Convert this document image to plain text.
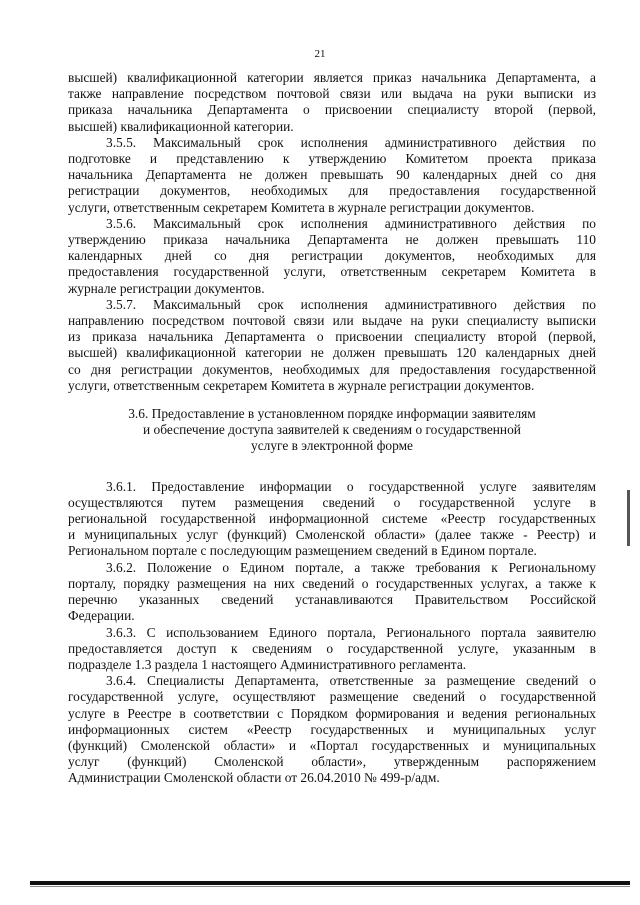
21
высшей) квалификационной категории является приказ начальника Департамента, а
также направление посредством почтовой связи или выдача на руки выписки из
приказа начальника Департамента о присвоении специалисту второй (первой,
высшей) квалификационной категории.
3.5.5. Максимальный срок исполнения административного действия по
подготовке и представлению к утверждению Комитетом проекта приказа
начальника Департамента не должен превышать 90 календарных дней со дня
регистрации документов, необходимых для предоставления государственной
услуги, ответственным секретарем Комитета в журнале регистрации документов.
3.5.6. Максимальный срок исполнения административного действия по
утверждению приказа начальника Департамента не должен превышать 110
календарных дней со дня регистрации документов, необходимых для
предоставления государственной услуги, ответственным секретарем Комитета в
журнале регистрации документов.
3.5.7. Максимальный срок исполнения административного действия по
направлению посредством почтовой связи или выдаче на руки специалисту выписки
из приказа начальника Департамента о присвоении специалисту второй (первой,
высшей) квалификационной категории не должен превышать 120 календарных дней
со дня регистрации документов, необходимых для предоставления государственной
услуги, ответственным секретарем Комитета в журнале регистрации документов.
3.6. Предоставление в установленном порядке информации заявителям
и обеспечение доступа заявителей к сведениям о государственной
услуге в электронной форме
3.6.1. Предоставление информации о государственной услуге заявителям
осуществляются путем размещения сведений о государственной услуге в
региональной государственной информационной системе «Реестр государственных
и муниципальных услуг (функций) Смоленской области» (далее также - Реестр) и
Региональном портале с последующим размещением сведений в Едином портале.
3.6.2. Положение о Едином портале, а также требования к Региональному
порталу, порядку размещения на них сведений о государственных услугах, а также к
перечню указанных сведений устанавливаются Правительством Российской
Федерации.
3.6.3. С использованием Единого портала, Регионального портала заявителю
предоставляется доступ к сведениям о государственной услуге, указанным в
подразделе 1.3 раздела 1 настоящего Административного регламента.
3.6.4. Специалисты Департамента, ответственные за размещение сведений о
государственной услуге, осуществляют размещение сведений о государственной
услуге в Реестре в соответствии с Порядком формирования и ведения региональных
информационных систем «Реестр государственных и муниципальных услуг
(функций) Смоленской области» и «Портал государственных и муниципальных
услуг (функций) Смоленской области», утвержденным распоряжением
Администрации Смоленской области от 26.04.2010 № 499-р/адм.
